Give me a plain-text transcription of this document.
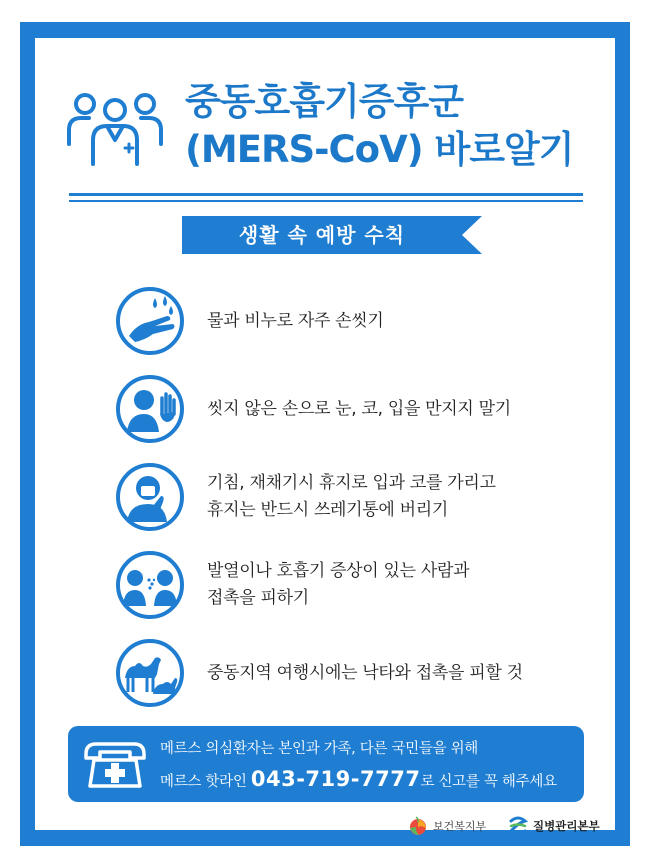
중동호흡기증후군
(MERS-CoV) 바로알기
생활 속 예방 수칙
물과 비누로 자주 손씻기
씻지 않은 손으로 눈, 코, 입을 만지지 말기
기침, 재채기시 휴지로 입과 코를 가리고
휴지는 반드시 쓰레기통에 버리기
발열이나 호흡기 증상이 있는 사람과
접촉을 피하기
중동지역 여행시에는 낙타와 접촉을 피할 것
메르스 의심환자는 본인과 가족, 다른 국민들을 위해
메르스 핫라인 043-719-7777로 신고를 꼭 해주세요
보건복지부	질병관리본부
